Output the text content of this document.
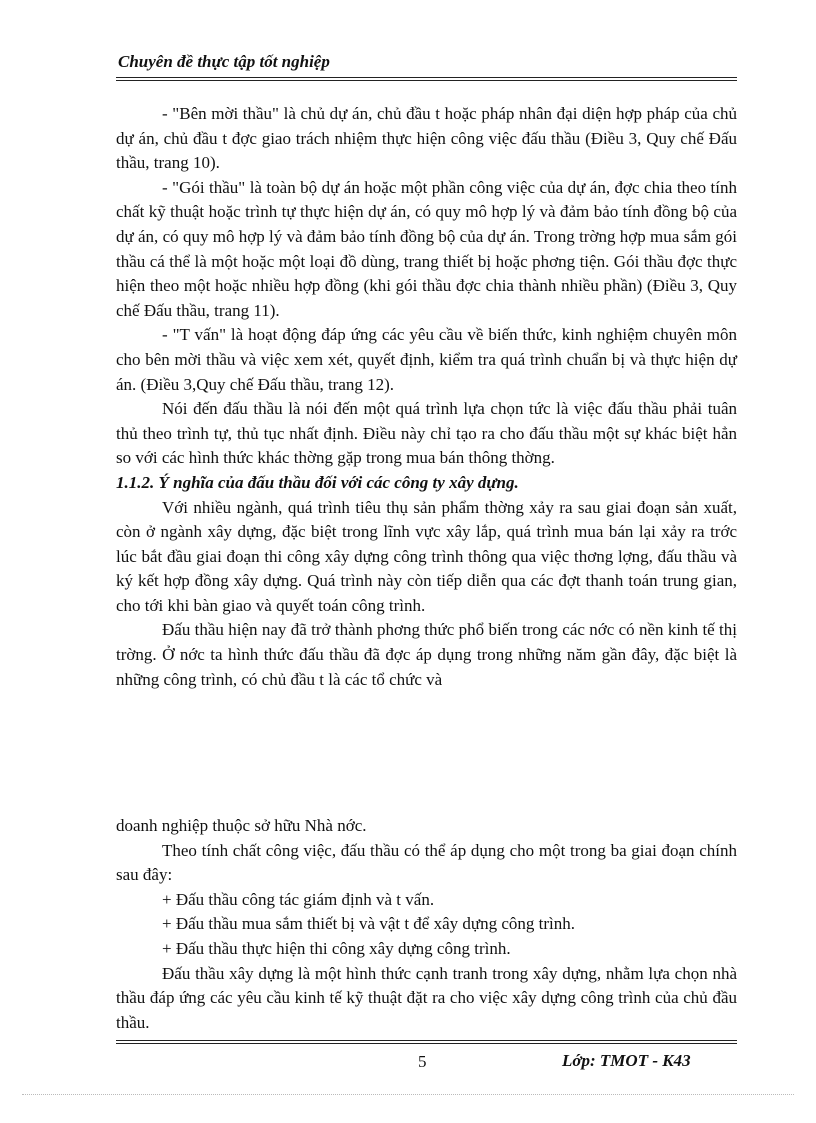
Chuyên đề thực tập tốt nghiệp

- "Bên mời thầu" là chủ dự án, chủ đầu t hoặc pháp nhân đại diện hợp pháp của chủ dự án, chủ đầu t đợc giao trách nhiệm thực hiện công việc đấu thầu (Điều 3, Quy chế Đấu thầu, trang 10).

- "Gói thầu" là toàn bộ dự án hoặc một phần công việc của dự án, đợc chia theo tính chất kỹ thuật hoặc trình tự thực hiện dự án, có quy mô hợp lý và đảm bảo tính đồng bộ của dự án, có quy mô hợp lý và đảm bảo tính đồng bộ của dự án. Trong trờng hợp mua sắm gói thầu cá thể là một hoặc một loại đồ dùng, trang thiết bị hoặc phơng tiện. Gói thầu đợc thực hiện theo một hoặc nhiều hợp đồng (khi gói thầu đợc chia thành nhiều phần) (Điều 3, Quy chế Đấu thầu, trang 11).

- "T vấn" là hoạt động đáp ứng các yêu cầu về biến thức, kinh nghiệm chuyên môn cho bên mời thầu và việc xem xét, quyết định, kiểm tra quá trình chuẩn bị và thực hiện dự án. (Điều 3,Quy chế Đấu thầu, trang 12).

Nói đến đấu thầu là nói đến một quá trình lựa chọn tức là việc đấu thầu phải tuân thủ theo trình tự, thủ tục nhất định. Điều này chỉ tạo ra cho đấu thầu một sự khác biệt hẳn so với các hình thức khác thờng gặp trong mua bán thông thờng.

1.1.2. Ý nghĩa của đấu thầu đối với các công ty xây dựng.

Với nhiều ngành, quá trình tiêu thụ sản phẩm thờng xảy ra sau giai đoạn sản xuất, còn ở ngành xây dựng, đặc biệt trong lĩnh vực xây lắp, quá trình mua bán lại xảy ra trớc lúc bắt đầu giai đoạn thi công xây dựng công trình thông qua việc thơng lợng, đấu thầu và ký kết hợp đồng xây dựng. Quá trình này còn tiếp diễn qua các đợt thanh toán trung gian, cho tới khi bàn giao và quyết toán công trình.

Đấu thầu hiện nay đã trở thành phơng thức phổ biến trong các nớc có nền kinh tế thị trờng. Ở nớc ta hình thức đấu thầu đã đợc áp dụng trong những năm gần đây, đặc biệt là những công trình, có chủ đầu t là các tổ chức và

doanh nghiệp thuộc sở hữu Nhà nớc.

Theo tính chất công việc, đấu thầu có thể áp dụng cho một trong ba giai đoạn chính sau đây:

+ Đấu thầu công tác giám định và t vấn.

+ Đấu thầu mua sắm thiết bị và vật t để xây dựng công trình.

+ Đấu thầu thực hiện thi công xây dựng công trình.

Đấu thầu xây dựng là một hình thức cạnh tranh trong xây dựng, nhằm lựa chọn nhà thầu đáp ứng các yêu cầu kinh tế kỹ thuật đặt ra cho việc xây dựng công trình của chủ đầu thầu.

5	Lớp: TMOT - K43
